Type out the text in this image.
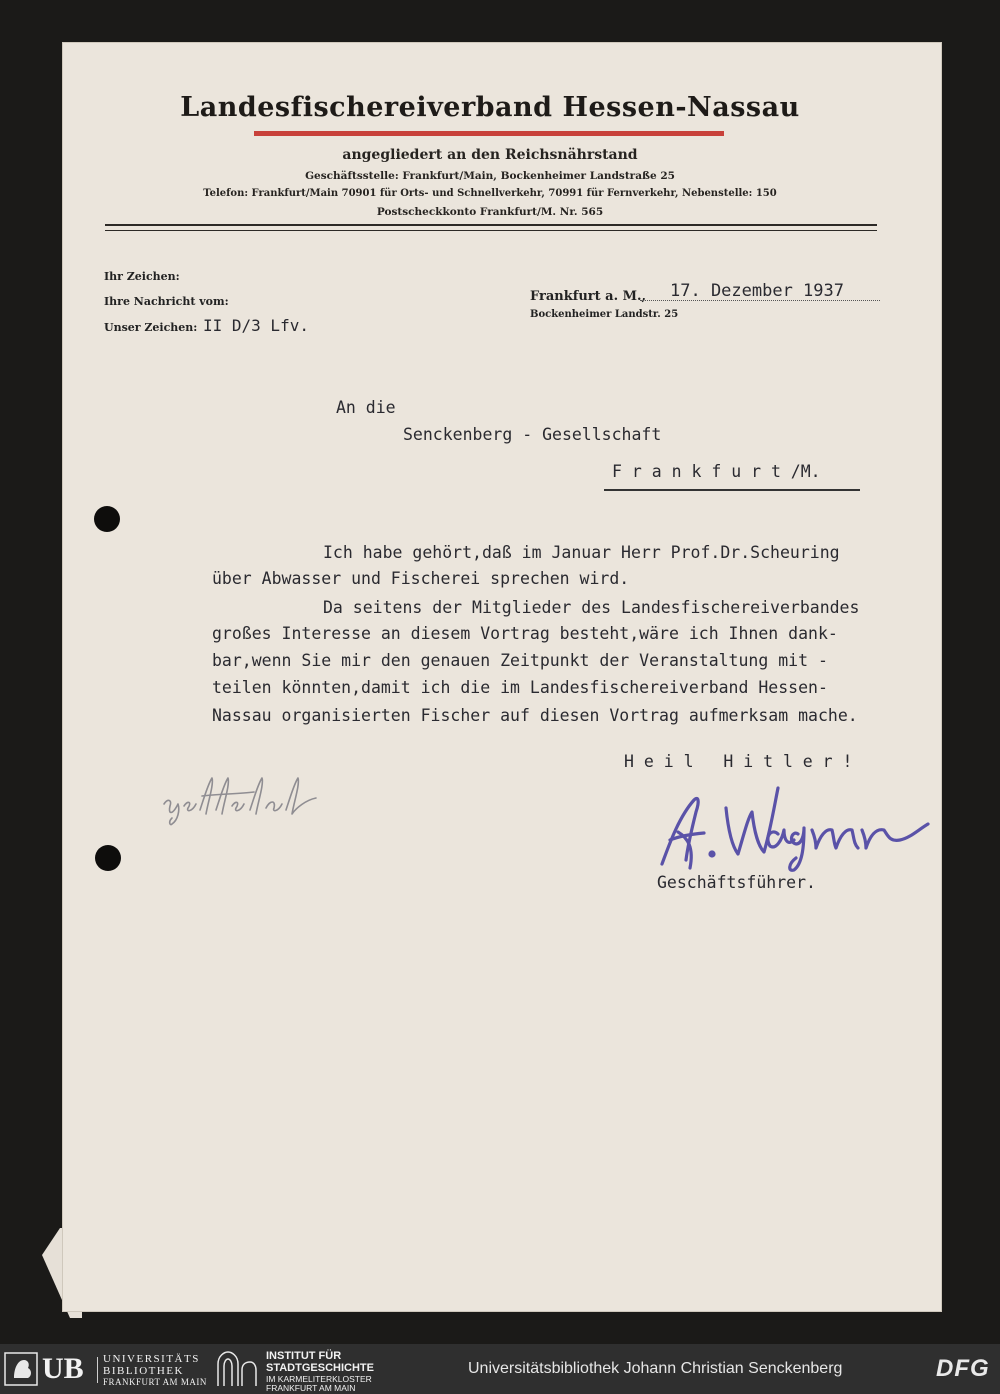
Landesfischereiverband Hessen-Nassau
angegliedert an den Reichsnährstand
Geschäftsstelle: Frankfurt/Main, Bockenheimer Landstraße 25
Telefon: Frankfurt/Main 70901 für Orts- und Schnellverkehr, 70991 für Fernverkehr, Nebenstelle: 150
Postscheckkonto Frankfurt/M. Nr. 565
Ihr Zeichen:
Ihre Nachricht vom:
Unser Zeichen: II D/3 Lfv.
Frankfurt a. M., 17. Dezember 1937
Bockenheimer Landstr. 25
An die
Senckenberg - Gesellschaft
F r a n k f u r t /M.
Ich habe gehört,daß im Januar Herr Prof.Dr.Scheuring
über Abwasser und Fischerei sprechen wird.
Da seitens der Mitglieder des Landesfischereiverbandes
großes Interesse an diesem Vortrag besteht,wäre ich Ihnen dank-
bar,wenn Sie mir den genauen Zeitpunkt der Veranstaltung mit -
teilen könnten,damit ich die im Landesfischereiverband Hessen-
Nassau organisierten Fischer auf diesen Vortrag aufmerksam mache.
H e i l   H i t l e r !
Geschäftsführer.
UB UNIVERSITÄTS
BIBLIOTHEK
FRANKFURT AM MAIN
INSTITUT FÜR
STADTGESCHICHTE
IM KARMELITERKLOSTER
FRANKFURT AM MAIN
Universitätsbibliothek Johann Christian Senckenberg	DFG
